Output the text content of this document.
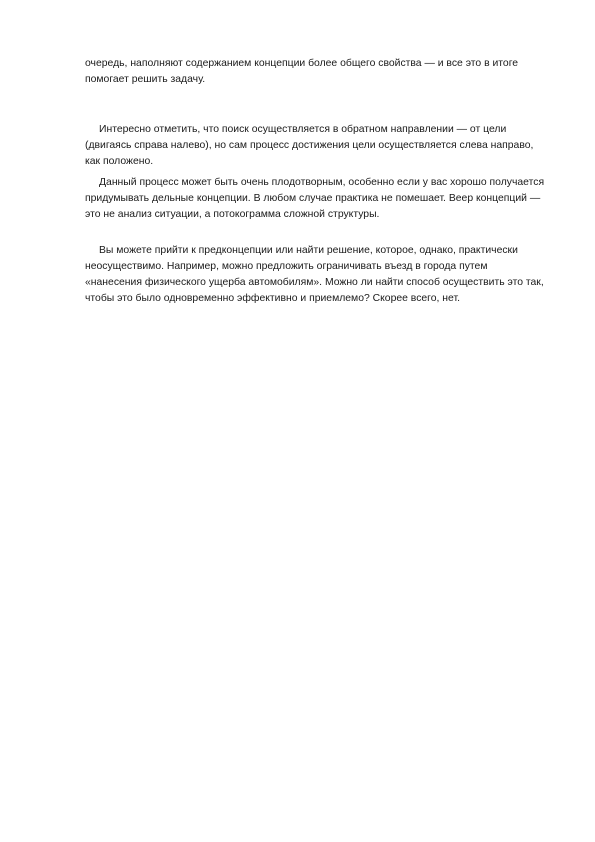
очередь, наполняют содержанием концепции более общего свойства — и все это в итоге помогает решить задачу.

Интересно отметить, что поиск осуществляется в обратном направлении — от цели (двигаясь справа налево), но сам процесс достижения цели осуществляется слева направо, как положено.

Данный процесс может быть очень плодотворным, особенно если у вас хорошо получается придумывать дельные концепции. В любом случае практика не помешает. Веер концепций — это не анализ ситуации, а потокограмма сложной структуры.

Вы можете прийти к предконцепции или найти решение, которое, однако, практически неосуществимо. Например, можно предложить ограничивать въезд в города путем «нанесения физического ущерба автомобилям». Можно ли найти способ осуществить это так, чтобы это было одновременно эффективно и приемлемо? Скорее всего, нет.
